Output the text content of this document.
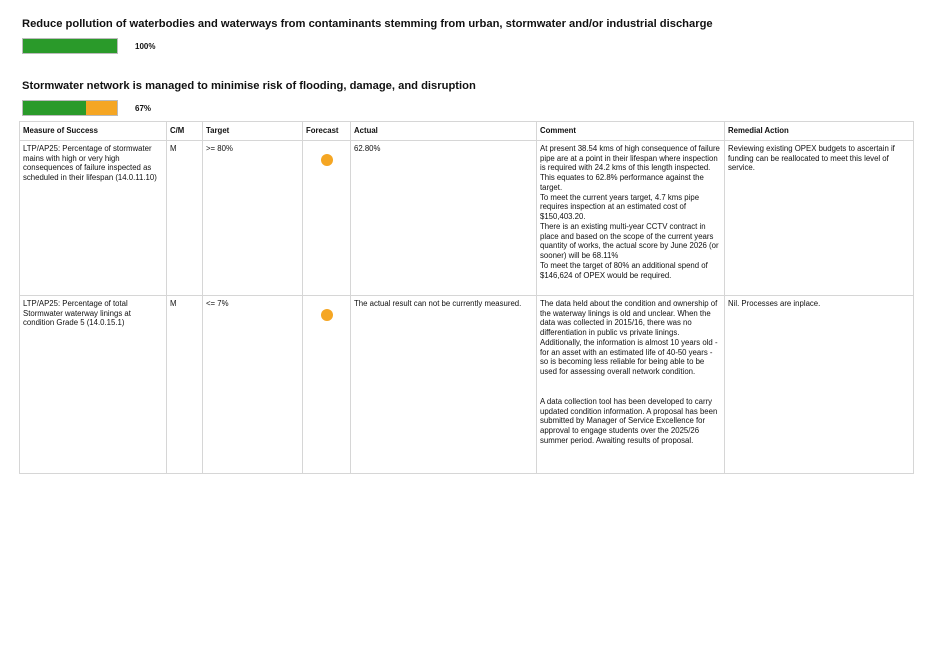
Reduce pollution of waterbodies and waterways from contaminants stemming from urban, stormwater and/or industrial discharge
100%
Stormwater network is managed to minimise risk of flooding, damage, and disruption
67%
Measure of Success	C/M	Target	Forecast	Actual	Comment	Remedial Action
LTP/AP25: Percentage of stormwater mains with high or very high consequences of failure inspected as scheduled in their lifespan (14.0.11.10)	M	>= 80%		62.80%	At present 38.54 kms of high consequence of failure pipe are at a point in their lifespan where inspection is required with 24.2 kms of this length inspected. This equates to 62.8% performance against the target.

To meet the current years target, 4.7 kms pipe requires inspection at an estimated cost of $150,403.20.

There is an existing multi-year CCTV contract in place and based on the scope of the current years quantity of works, the actual score by June 2026 (or sooner) will be 68.11%

To meet the target of 80% an additional spend of $146,624 of OPEX would be required.	Reviewing existing OPEX budgets to ascertain if funding can be reallocated to meet this level of service.
LTP/AP25: Percentage of total Stormwater waterway linings at condition Grade 5 (14.0.15.1)	M	<= 7%		The actual result can not be currently measured.	The data held about the condition and ownership of the waterway linings is old and unclear. When the data was collected in 2015/16, there was no differentiation in public vs private linings. Additionally, the information is almost 10 years old - for an asset with an estimated life of 40-50 years - so is becoming less reliable for being able to be used for assessing overall network condition.

A data collection tool has been developed to carry updated condition information. A proposal has been submitted by Manager of Service Excellence for approval to engage students over the 2025/26 summer period. Awaiting results of proposal.	Nil. Processes are inplace.
